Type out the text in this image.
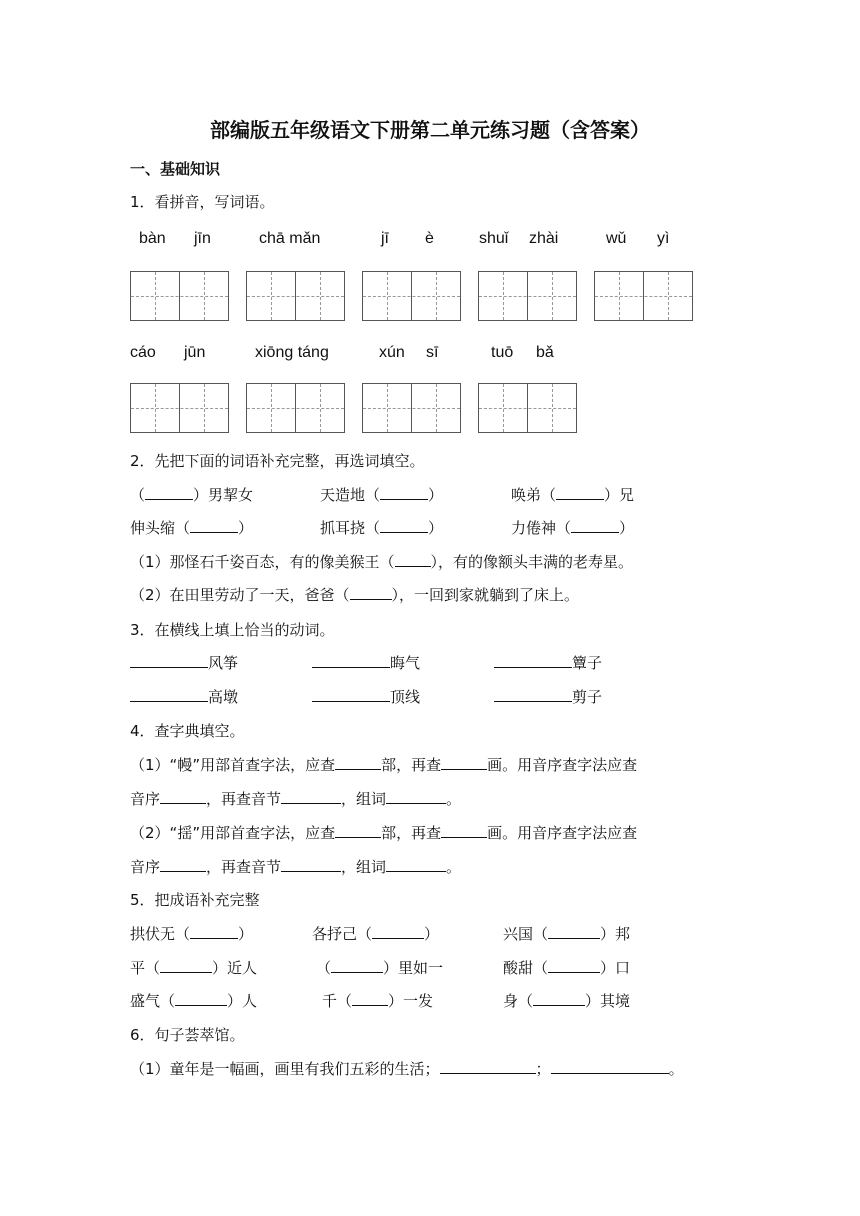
部编版五年级语文下册第二单元练习题（含答案）
一、基础知识
1．看拼音，写词语。
bàn jīn	chā mǎn	jī è	shuǐ zhài	wǔ yì
cáo jūn	xiōng táng	xún sī	tuō bǎ
2．先把下面的词语补充完整，再选词填空。
（	）男挈女	天造地（	）	唤弟（	）兄
伸头缩（	）	抓耳挠（	）	力倦神（	）
（1）那怪石千姿百态，有的像美猴王（ ），有的像额头丰满的老寿星。
（2）在田里劳动了一天，爸爸（	），一回到家就躺到了床上。
3．在横线上填上恰当的动词。
风筝	晦气	簟子
高墩	顶线	剪子
4．查字典填空。
（1）“幔”用部首查字法，应查	部，再查	画。用音序查字法应查
音序	，再查音节	，组词	。
（2）“揺”用部首查字法，应查	部，再查	画。用音序查字法应查
音序	，再查音节	，组词	。
5．把成语补充完整
拱伏无（	）	各抒己（	）	兴国（	）邦
平（	）近人	（	）里如一	酸甜（	）口
盛气（	）人	千（ ）一发	身（	）其境
6．句子荟萃馆。
（1）童年是一幅画，画里有我们五彩的生活；	；	。
